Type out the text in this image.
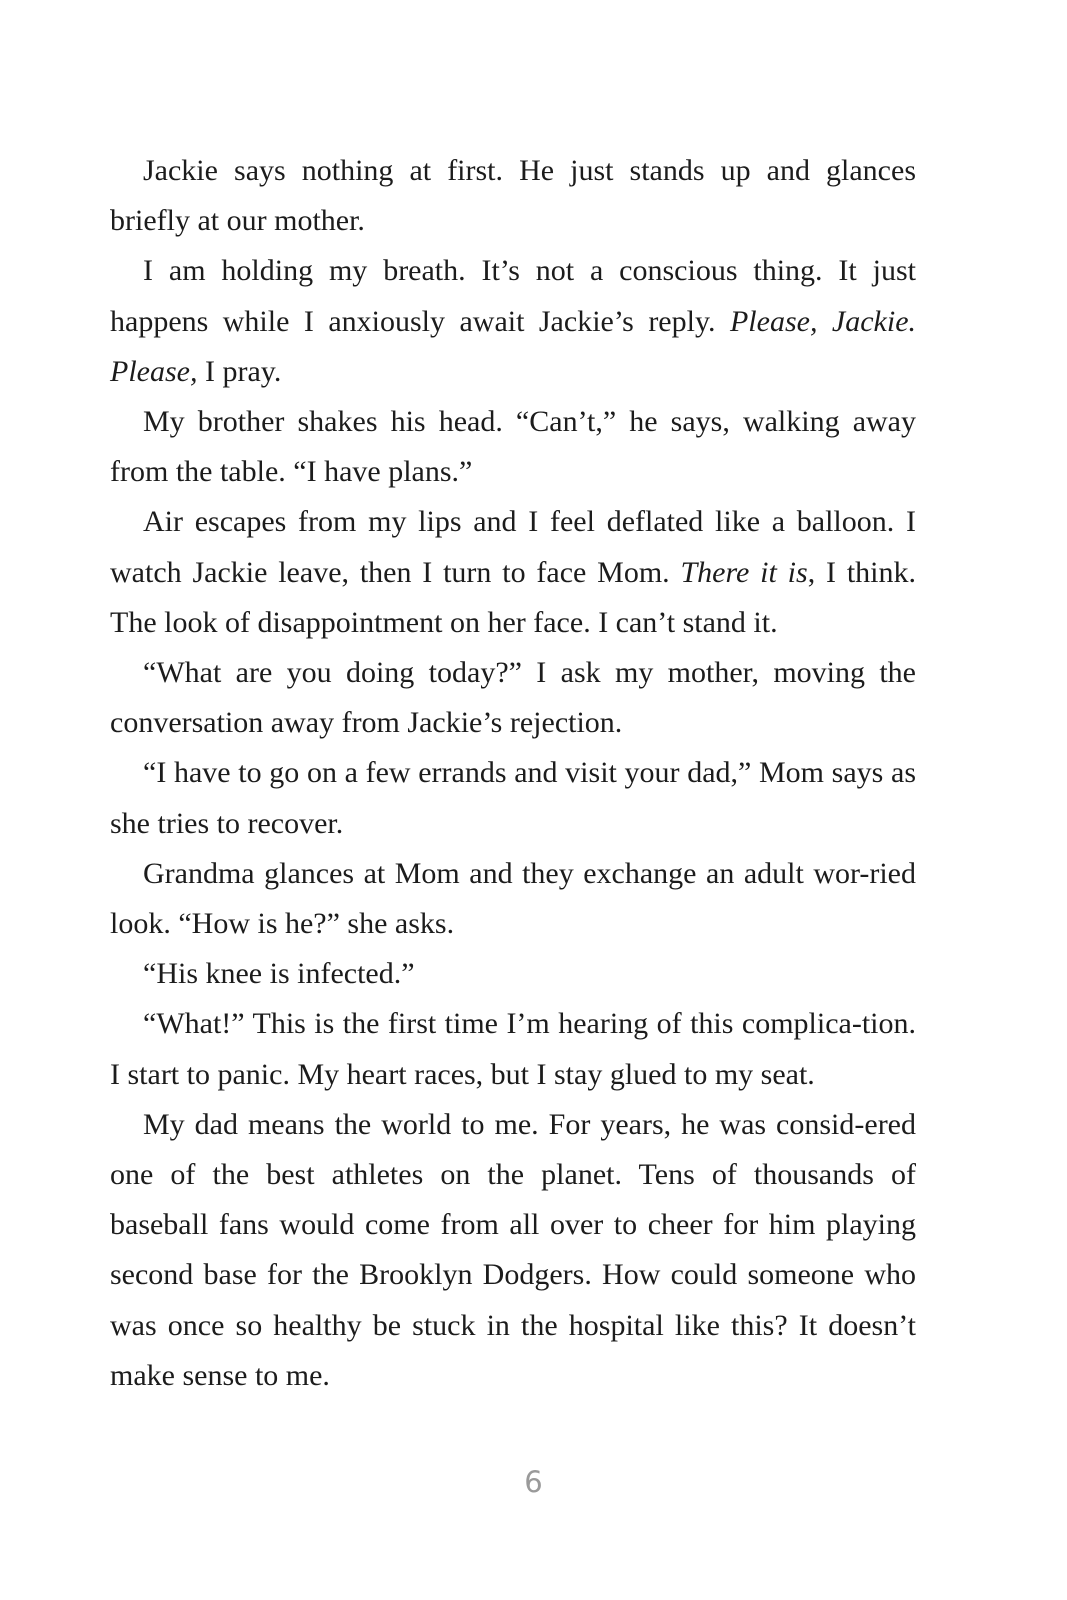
Jackie says nothing at first. He just stands up and glances briefly at our mother.

I am holding my breath. It’s not a conscious thing. It just happens while I anxiously await Jackie’s reply. Please, Jackie. Please, I pray.

My brother shakes his head. “Can’t,” he says, walking away from the table. “I have plans.”

Air escapes from my lips and I feel deflated like a balloon. I watch Jackie leave, then I turn to face Mom. There it is, I think. The look of disappointment on her face. I can’t stand it.

“What are you doing today?” I ask my mother, moving the conversation away from Jackie’s rejection.

“I have to go on a few errands and visit your dad,” Mom says as she tries to recover.

Grandma glances at Mom and they exchange an adult wor-ried look. “How is he?” she asks.

“His knee is infected.”

“What!” This is the first time I’m hearing of this complica-tion. I start to panic. My heart races, but I stay glued to my seat.

My dad means the world to me. For years, he was consid-ered one of the best athletes on the planet. Tens of thousands of baseball fans would come from all over to cheer for him playing second base for the Brooklyn Dodgers. How could someone who was once so healthy be stuck in the hospital like this? It doesn’t make sense to me.

6
